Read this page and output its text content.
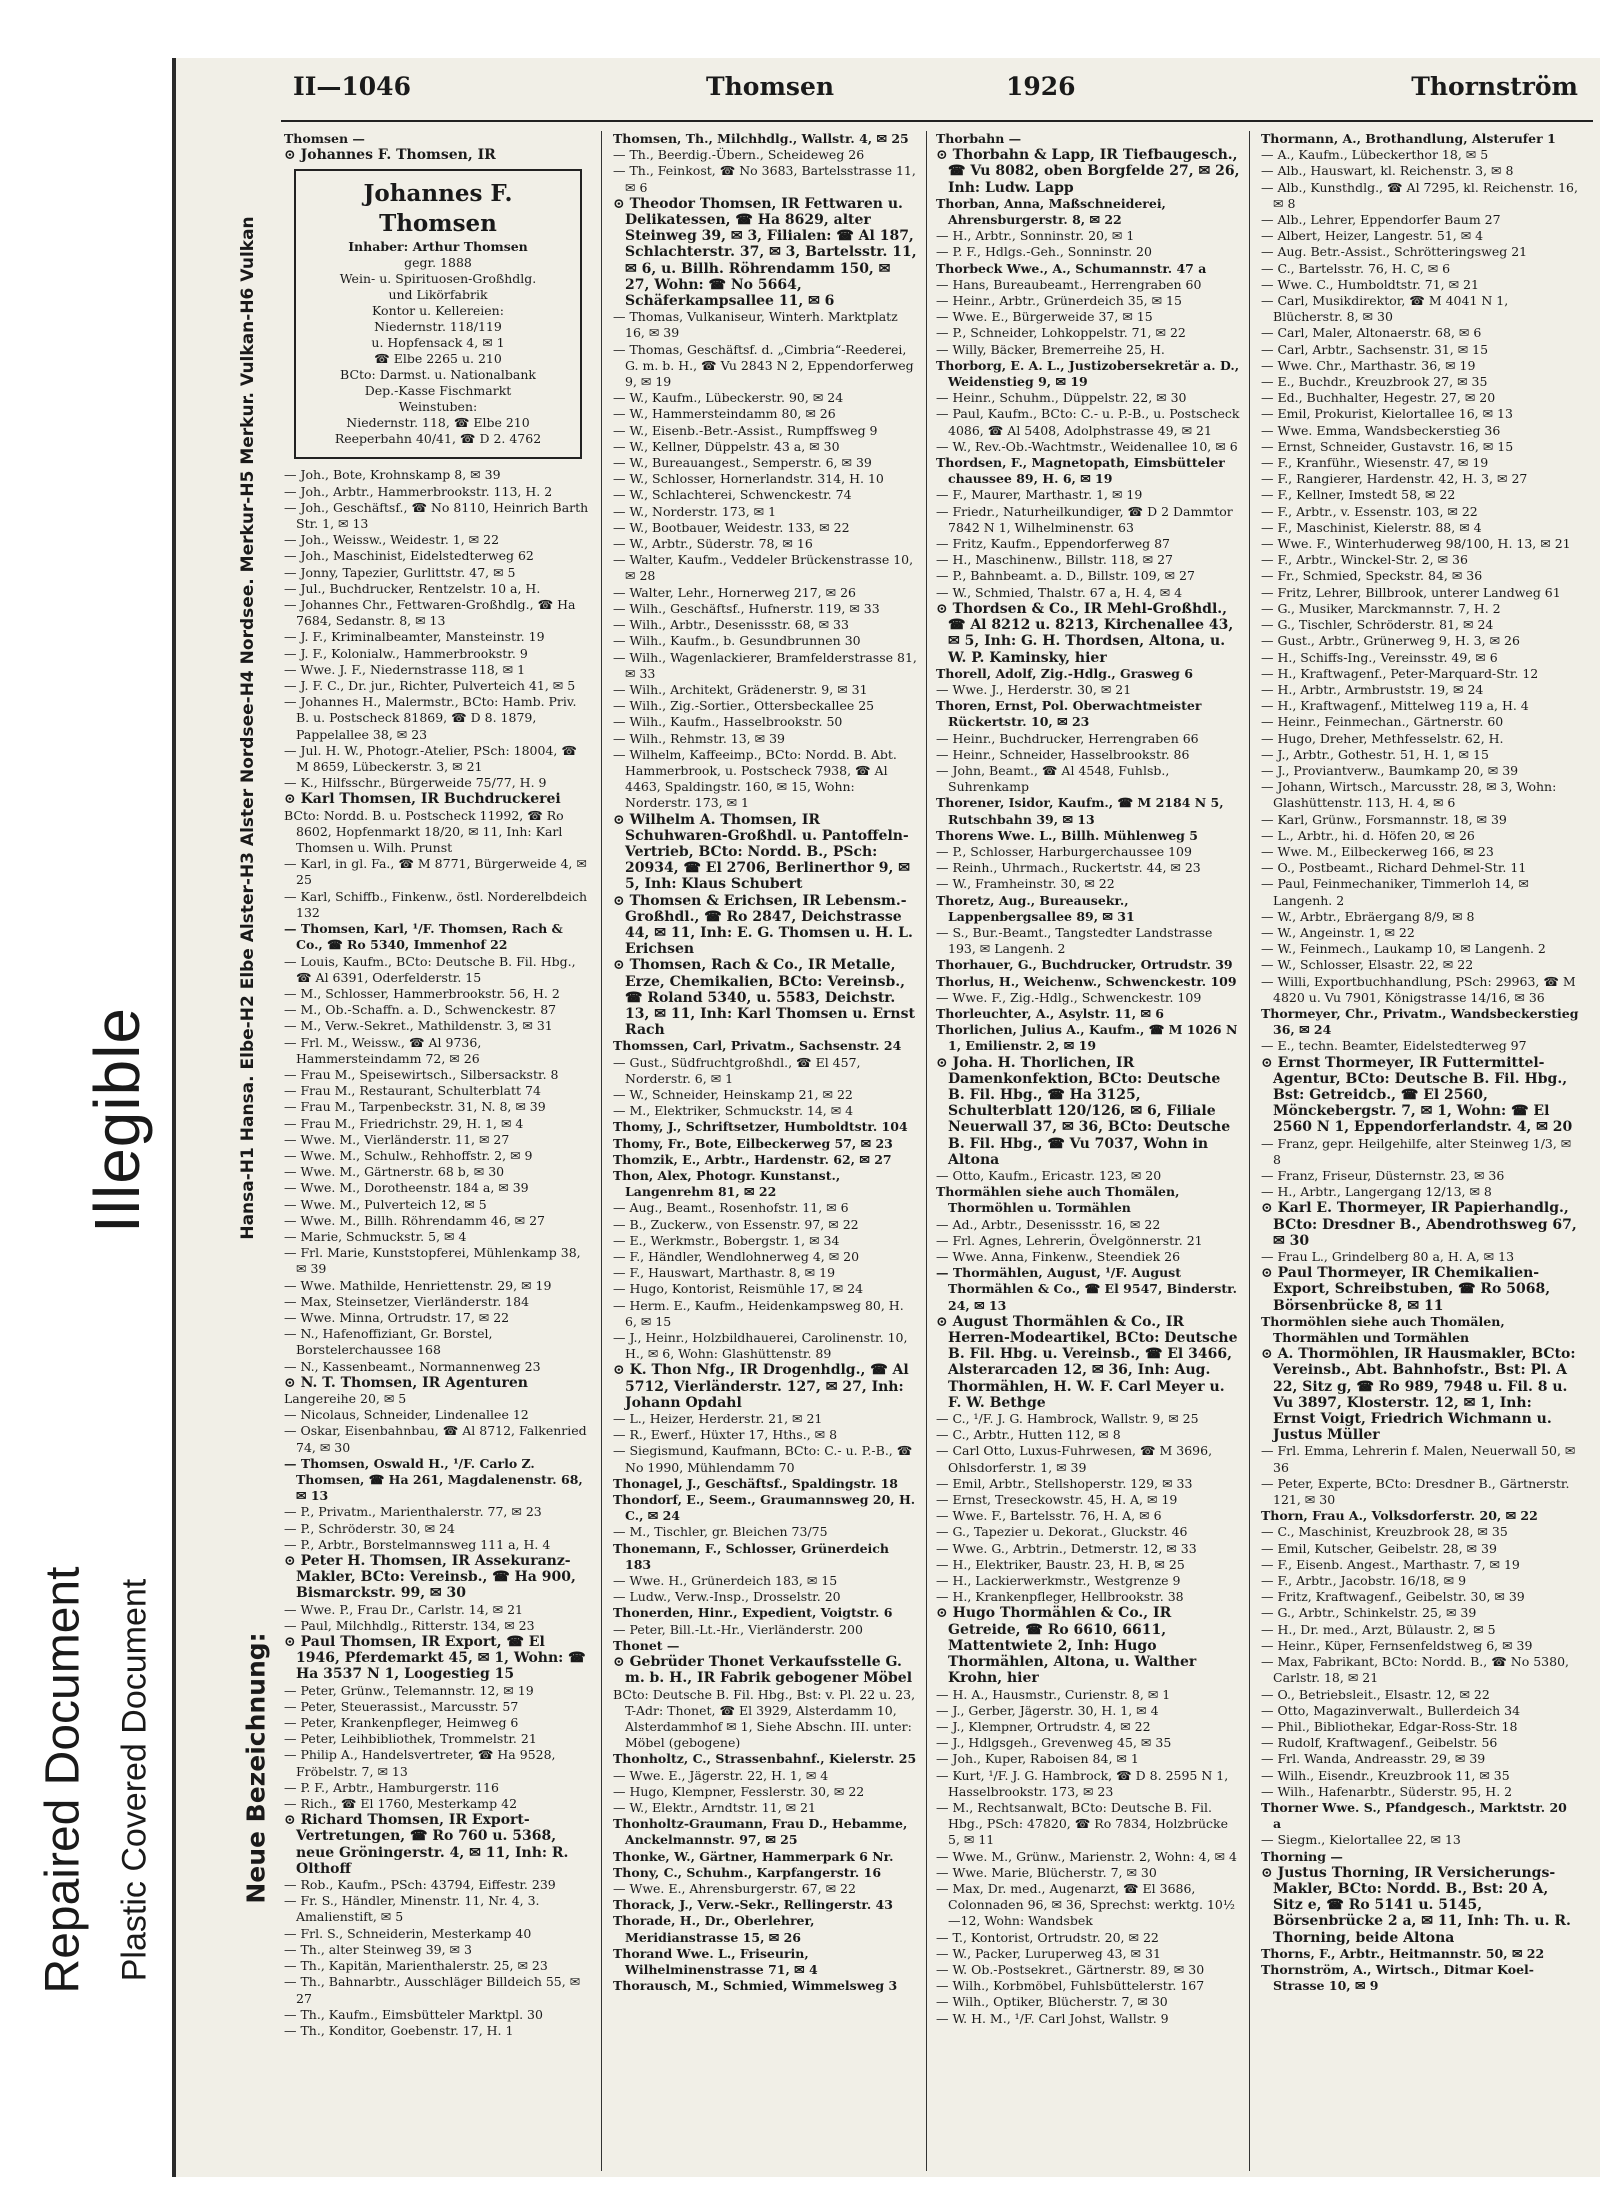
Illegible
Repaired Document Plastic Covered Document
Hansa-H1 Hansa. Elbe-H2 Elbe Alster-H3 Alster Nordsee-H4 Nordsee. Merkur-H5 Merkur. Vulkan-H6 Vulkan
Neue Bezeichnung:
II—1046	Thomsen	1926	Thornström

Thomsen —

⊙ Johannes F. Thomsen, IR

Johannes F. Thomsen
Inhaber: Arthur Thomsen
gegr. 1888
Wein- u. Spirituosen-Großhdlg.
und Likörfabrik
Kontor u. Kellereien:
Niedernstr. 118/119
u. Hopfensack 4, ✉ 1
☎ Elbe 2265 u. 210
BCto: Darmst. u. Nationalbank
Dep.-Kasse Fischmarkt
Weinstuben:
Niedernstr. 118, ☎ Elbe 210
Reeperbahn 40/41, ☎ D 2. 4762

— Joh., Bote, Krohnskamp 8, ✉ 39

— Joh., Arbtr., Hammerbrookstr. 113, H. 2

— Joh., Geschäftsf., ☎ No 8110, Heinrich Barth Str. 1, ✉ 13

— Joh., Weissw., Weidestr. 1, ✉ 22

— Joh., Maschinist, Eidelstedterweg 62

— Jonny, Tapezier, Gurlittstr. 47, ✉ 5

— Jul., Buchdrucker, Rentzelstr. 10 a, H.

— Johannes Chr., Fettwaren-Großhdlg., ☎ Ha 7684, Sedanstr. 8, ✉ 13

— J. F., Kriminalbeamter, Mansteinstr. 19

— J. F., Kolonialw., Hammerbrookstr. 9

— Wwe. J. F., Niedernstrasse 118, ✉ 1

— J. F. C., Dr. jur., Richter, Pulverteich 41, ✉ 5

— Johannes H., Malermstr., BCto: Hamb. Priv. B. u. Postscheck 81869, ☎ D 8. 1879, Pappelallee 38, ✉ 23

— Jul. H. W., Photogr.-Atelier, PSch: 18004, ☎ M 8659, Lübeckerstr. 3, ✉ 21

— K., Hilfsschr., Bürgerweide 75/77, H. 9

⊙ Karl Thomsen, IR Buchdruckerei

BCto: Nordd. B. u. Postscheck 11992, ☎ Ro 8602, Hopfenmarkt 18/20, ✉ 11, Inh: Karl Thomsen u. Wilh. Prunst

— Karl, in gl. Fa., ☎ M 8771, Bürgerweide 4, ✉ 25

— Karl, Schiffb., Finkenw., östl. Norderelbdeich 132

— Thomsen, Karl, ¹/F. Thomsen, Rach & Co., ☎ Ro 5340, Immenhof 22

— Louis, Kaufm., BCto: Deutsche B. Fil. Hbg., ☎ Al 6391, Oderfelderstr. 15

— M., Schlosser, Hammerbrookstr. 56, H. 2

— M., Ob.-Schaffn. a. D., Schwenckestr. 87

— M., Verw.-Sekret., Mathildenstr. 3, ✉ 31

— Frl. M., Weissw., ☎ Al 9736, Hammersteindamm 72, ✉ 26

— Frau M., Speisewirtsch., Silbersackstr. 8

— Frau M., Restaurant, Schulterblatt 74

— Frau M., Tarpenbeckstr. 31, N. 8, ✉ 39

— Frau M., Friedrichstr. 29, H. 1, ✉ 4

— Wwe. M., Vierländerstr. 11, ✉ 27

— Wwe. M., Schulw., Rehhoffstr. 2, ✉ 9

— Wwe. M., Gärtnerstr. 68 b, ✉ 30

— Wwe. M., Dorotheenstr. 184 a, ✉ 39

— Wwe. M., Pulverteich 12, ✉ 5

— Wwe. M., Billh. Röhrendamm 46, ✉ 27

— Marie, Schmuckstr. 5, ✉ 4

— Frl. Marie, Kunststopferei, Mühlenkamp 38, ✉ 39

— Wwe. Mathilde, Henriettenstr. 29, ✉ 19

— Max, Steinsetzer, Vierländerstr. 184

— Wwe. Minna, Ortrudstr. 17, ✉ 22

— N., Hafenoffiziant, Gr. Borstel, Borstelerchaussee 168

— N., Kassenbeamt., Normannenweg 23

⊙ N. T. Thomsen, IR Agenturen

Langereihe 20, ✉ 5

— Nicolaus, Schneider, Lindenallee 12

— Oskar, Eisenbahnbau, ☎ Al 8712, Falkenried 74, ✉ 30

— Thomsen, Oswald H., ¹/F. Carlo Z. Thomsen, ☎ Ha 261, Magdalenenstr. 68, ✉ 13

— P., Privatm., Marienthalerstr. 77, ✉ 23

— P., Schröderstr. 30, ✉ 24

— P., Arbtr., Borstelmannsweg 111 a, H. 4

⊙ Peter H. Thomsen, IR Assekuranz-Makler, BCto: Vereinsb., ☎ Ha 900, Bismarckstr. 99, ✉ 30

— Wwe. P., Frau Dr., Carlstr. 14, ✉ 21

— Paul, Milchhdlg., Ritterstr. 134, ✉ 23

⊙ Paul Thomsen, IR Export, ☎ El 1946, Pferdemarkt 45, ✉ 1, Wohn: ☎ Ha 3537 N 1, Loogestieg 15

— Peter, Grünw., Telemannstr. 12, ✉ 19

— Peter, Steuerassist., Marcusstr. 57

— Peter, Krankenpfleger, Heimweg 6

— Peter, Leihbibliothek, Trommelstr. 21

— Philip A., Handelsvertreter, ☎ Ha 9528, Fröbelstr. 7, ✉ 13

— P. F., Arbtr., Hamburgerstr. 116

— Rich., ☎ El 1760, Mesterkamp 42

⊙ Richard Thomsen, IR Export-Vertretungen, ☎ Ro 760 u. 5368, neue Gröningerstr. 4, ✉ 11, Inh: R. Olthoff

— Rob., Kaufm., PSch: 43794, Eiffestr. 239

— Fr. S., Händler, Minenstr. 11, Nr. 4, 3. Amalienstift, ✉ 5

— Frl. S., Schneiderin, Mesterkamp 40

— Th., alter Steinweg 39, ✉ 3

— Th., Kapitän, Marienthalerstr. 25, ✉ 23

— Th., Bahnarbtr., Ausschläger Billdeich 55, ✉ 27

— Th., Kaufm., Eimsbütteler Marktpl. 30

— Th., Konditor, Goebenstr. 17, H. 1

Thomsen, Th., Milchhdlg., Wallstr. 4, ✉ 25

— Th., Beerdig.-Übern., Scheideweg 26

— Th., Feinkost, ☎ No 3683, Bartelsstrasse 11, ✉ 6

⊙ Theodor Thomsen, IR Fettwaren u. Delikatessen, ☎ Ha 8629, alter Steinweg 39, ✉ 3, Filialen: ☎ Al 187, Schlachterstr. 37, ✉ 3, Bartelsstr. 11, ✉ 6, u. Billh. Röhrendamm 150, ✉ 27, Wohn: ☎ No 5664, Schäferkampsallee 11, ✉ 6

— Thomas, Vulkaniseur, Winterh. Marktplatz 16, ✉ 39

— Thomas, Geschäftsf. d. „Cimbria“-Reederei, G. m. b. H., ☎ Vu 2843 N 2, Eppendorferweg 9, ✉ 19

— W., Kaufm., Lübeckerstr. 90, ✉ 24

— W., Hammersteindamm 80, ✉ 26

— W., Eisenb.-Betr.-Assist., Rumpffsweg 9

— W., Kellner, Düppelstr. 43 a, ✉ 30

— W., Bureauangest., Semperstr. 6, ✉ 39

— W., Schlosser, Hornerlandstr. 314, H. 10

— W., Schlachterei, Schwenckestr. 74

— W., Norderstr. 173, ✉ 1

— W., Bootbauer, Weidestr. 133, ✉ 22

— W., Arbtr., Süderstr. 78, ✉ 16

— Walter, Kaufm., Veddeler Brückenstrasse 10, ✉ 28

— Walter, Lehr., Hornerweg 217, ✉ 26

— Wilh., Geschäftsf., Hufnerstr. 119, ✉ 33

— Wilh., Arbtr., Desenissstr. 68, ✉ 33

— Wilh., Kaufm., b. Gesundbrunnen 30

— Wilh., Wagenlackierer, Bramfelderstrasse 81, ✉ 33

— Wilh., Architekt, Grädenerstr. 9, ✉ 31

— Wilh., Zig.-Sortier., Ottersbeckallee 25

— Wilh., Kaufm., Hasselbrookstr. 50

— Wilh., Rehmstr. 13, ✉ 39

— Wilhelm, Kaffeeimp., BCto: Nordd. B. Abt. Hammerbrook, u. Postscheck 7938, ☎ Al 4463, Spaldingstr. 160, ✉ 15, Wohn: Norderstr. 173, ✉ 1

⊙ Wilhelm A. Thomsen, IR Schuhwaren-Großhdl. u. Pantoffeln-Vertrieb, BCto: Nordd. B., PSch: 20934, ☎ El 2706, Berlinerthor 9, ✉ 5, Inh: Klaus Schubert

⊙ Thomsen & Erichsen, IR Lebensm.-Großhdl., ☎ Ro 2847, Deichstrasse 44, ✉ 11, Inh: E. G. Thomsen u. H. L. Erichsen

⊙ Thomsen, Rach & Co., IR Metalle, Erze, Chemikalien, BCto: Vereinsb., ☎ Roland 5340, u. 5583, Deichstr. 13, ✉ 11, Inh: Karl Thomsen u. Ernst Rach

Thomssen, Carl, Privatm., Sachsenstr. 24

— Gust., Südfruchtgroßhdl., ☎ El 457, Norderstr. 6, ✉ 1

— W., Schneider, Heinskamp 21, ✉ 22

— M., Elektriker, Schmuckstr. 14, ✉ 4

Thomy, J., Schriftsetzer, Humboldtstr. 104

Thomy, Fr., Bote, Eilbeckerweg 57, ✉ 23

Thomzik, E., Arbtr., Hardenstr. 62, ✉ 27

Thon, Alex, Photogr. Kunstanst., Langenrehm 81, ✉ 22

— Aug., Beamt., Rosenhofstr. 11, ✉ 6

— B., Zuckerw., von Essenstr. 97, ✉ 22

— E., Werkmstr., Bobergstr. 1, ✉ 34

— F., Händler, Wendlohnerweg 4, ✉ 20

— F., Hauswart, Marthastr. 8, ✉ 19

— Hugo, Kontorist, Reismühle 17, ✉ 24

— Herm. E., Kaufm., Heidenkampsweg 80, H. 6, ✉ 15

— J., Heinr., Holzbildhauerei, Carolinenstr. 10, H., ✉ 6, Wohn: Glashüttenstr. 89

⊙ K. Thon Nfg., IR Drogenhdlg., ☎ Al 5712, Vierländerstr. 127, ✉ 27, Inh: Johann Opdahl

— L., Heizer, Herderstr. 21, ✉ 21

— R., Ewerf., Hüxter 17, Hths., ✉ 8

— Siegismund, Kaufmann, BCto: C.- u. P.-B., ☎ No 1990, Mühlendamm 70

Thonagel, J., Geschäftsf., Spaldingstr. 18

Thondorf, E., Seem., Graumannsweg 20, H. C., ✉ 24

— M., Tischler, gr. Bleichen 73/75

Thonemann, F., Schlosser, Grünerdeich 183

— Wwe. H., Grünerdeich 183, ✉ 15

— Ludw., Verw.-Insp., Drosselstr. 20

Thonerden, Hinr., Expedient, Voigtstr. 6

— Peter, Bill.-Lt.-Hr., Vierländerstr. 200

Thonet —

⊙ Gebrüder Thonet Verkaufsstelle G. m. b. H., IR Fabrik gebogener Möbel

BCto: Deutsche B. Fil. Hbg., Bst: v. Pl. 22 u. 23, T-Adr: Thonet, ☎ El 3929, Alsterdamm 10, Alsterdammhof ✉ 1, Siehe Abschn. III. unter: Möbel (gebogene)

Thonholtz, C., Strassenbahnf., Kielerstr. 25

— Wwe. E., Jägerstr. 22, H. 1, ✉ 4

— Hugo, Klempner, Fesslerstr. 30, ✉ 22

— W., Elektr., Arndtstr. 11, ✉ 21

Thonholtz-Graumann, Frau D., Hebamme, Anckelmannstr. 97, ✉ 25

Thonke, W., Gärtner, Hammerpark 6 Nr.

Thony, C., Schuhm., Karpfangerstr. 16

— Wwe. E., Ahrensburgerstr. 67, ✉ 22

Thorack, J., Verw.-Sekr., Rellingerstr. 43

Thorade, H., Dr., Oberlehrer, Meridianstrasse 15, ✉ 26

Thorand Wwe. L., Friseurin, Wilhelminenstrasse 71, ✉ 4

Thorausch, M., Schmied, Wimmelsweg 3

Thorbahn —

⊙ Thorbahn & Lapp, IR Tiefbaugesch., ☎ Vu 8082, oben Borgfelde 27, ✉ 26, Inh: Ludw. Lapp

Thorban, Anna, Maßschneiderei, Ahrensburgerstr. 8, ✉ 22

— H., Arbtr., Sonninstr. 20, ✉ 1

— P. F., Hdlgs.-Geh., Sonninstr. 20

Thorbeck Wwe., A., Schumannstr. 47 a

— Hans, Bureaubeamt., Herrengraben 60

— Heinr., Arbtr., Grünerdeich 35, ✉ 15

— Wwe. E., Bürgerweide 37, ✉ 15

— P., Schneider, Lohkoppelstr. 71, ✉ 22

— Willy, Bäcker, Bremerreihe 25, H.

Thorborg, E. A. L., Justizobersekretär a. D., Weidenstieg 9, ✉ 19

— Heinr., Schuhm., Düppelstr. 22, ✉ 30

— Paul, Kaufm., BCto: C.- u. P.-B., u. Postscheck 4086, ☎ Al 5408, Adolphstrasse 49, ✉ 21

— W., Rev.-Ob.-Wachtmstr., Weidenallee 10, ✉ 6

Thordsen, F., Magnetopath, Eimsbütteler chaussee 89, H. 6, ✉ 19

— F., Maurer, Marthastr. 1, ✉ 19

— Friedr., Naturheilkundiger, ☎ D 2 Dammtor 7842 N 1, Wilhelminenstr. 63

— Fritz, Kaufm., Eppendorferweg 87

— H., Maschinenw., Billstr. 118, ✉ 27

— P., Bahnbeamt. a. D., Billstr. 109, ✉ 27

— W., Schmied, Thalstr. 67 a, H. 4, ✉ 4

⊙ Thordsen & Co., IR Mehl-Großhdl., ☎ Al 8212 u. 8213, Kirchenallee 43, ✉ 5, Inh: G. H. Thordsen, Altona, u. W. P. Kaminsky, hier

Thorell, Adolf, Zig.-Hdlg., Grasweg 6

— Wwe. J., Herderstr. 30, ✉ 21

Thoren, Ernst, Pol. Oberwachtmeister Rückertstr. 10, ✉ 23

— Heinr., Buchdrucker, Herrengraben 66

— Heinr., Schneider, Hasselbrookstr. 86

— John, Beamt., ☎ Al 4548, Fuhlsb., Suhrenkamp

Thorener, Isidor, Kaufm., ☎ M 2184 N 5, Rutschbahn 39, ✉ 13

Thorens Wwe. L., Billh. Mühlenweg 5

— P., Schlosser, Harburgerchaussee 109

— Reinh., Uhrmach., Ruckertstr. 44, ✉ 23

— W., Framheinstr. 30, ✉ 22

Thoretz, Aug., Bureausekr., Lappenbergsallee 89, ✉ 31

— S., Bur.-Beamt., Tangstedter Landstrasse 193, ✉ Langenh. 2

Thorhauer, G., Buchdrucker, Ortrudstr. 39

Thorlus, H., Weichenw., Schwenckestr. 109

— Wwe. F., Zig.-Hdlg., Schwenckestr. 109

Thorleuchter, A., Asylstr. 11, ✉ 6

Thorlichen, Julius A., Kaufm., ☎ M 1026 N 1, Emilienstr. 2, ✉ 19

⊙ Joha. H. Thorlichen, IR Damenkonfektion, BCto: Deutsche B. Fil. Hbg., ☎ Ha 3125, Schulterblatt 120/126, ✉ 6, Filiale Neuerwall 37, ✉ 36, BCto: Deutsche B. Fil. Hbg., ☎ Vu 7037, Wohn in Altona

— Otto, Kaufm., Ericastr. 123, ✉ 20

Thormählen siehe auch Thomälen, Thormöhlen u. Tormählen

— Ad., Arbtr., Desenissstr. 16, ✉ 22

— Frl. Agnes, Lehrerin, Övelgönnerstr. 21

— Wwe. Anna, Finkenw., Steendiek 26

— Thormählen, August, ¹/F. August Thormählen & Co., ☎ El 9547, Binderstr. 24, ✉ 13

⊙ August Thormählen & Co., IR Herren-Modeartikel, BCto: Deutsche B. Fil. Hbg. u. Vereinsb., ☎ El 3466, Alsterarcaden 12, ✉ 36, Inh: Aug. Thormählen, H. W. F. Carl Meyer u. F. W. Bethge

— C., ¹/F. J. G. Hambrock, Wallstr. 9, ✉ 25

— C., Arbtr., Hutten 112, ✉ 8

— Carl Otto, Luxus-Fuhrwesen, ☎ M 3696, Ohlsdorferstr. 1, ✉ 39

— Emil, Arbtr., Stellshoperstr. 129, ✉ 33

— Ernst, Treseckowstr. 45, H. A, ✉ 19

— Wwe. F., Bartelsstr. 76, H. A, ✉ 6

— G., Tapezier u. Dekorat., Gluckstr. 46

— Wwe. G., Arbtrin., Detmerstr. 12, ✉ 33

— H., Elektriker, Baustr. 23, H. B, ✉ 25

— H., Lackierwerkmstr., Westgrenze 9

— H., Krankenpfleger, Hellbrookstr. 38

⊙ Hugo Thormählen & Co., IR Getreide, ☎ Ro 6610, 6611, Mattentwiete 2, Inh: Hugo Thormählen, Altona, u. Walther Krohn, hier

— H. A., Hausmstr., Curienstr. 8, ✉ 1

— J., Gerber, Jägerstr. 30, H. 1, ✉ 4

— J., Klempner, Ortrudstr. 4, ✉ 22

— J., Hdlgsgeh., Grevenweg 45, ✉ 35

— Joh., Kuper, Raboisen 84, ✉ 1

— Kurt, ¹/F. J. G. Hambrock, ☎ D 8. 2595 N 1, Hasselbrookstr. 173, ✉ 23

— M., Rechtsanwalt, BCto: Deutsche B. Fil. Hbg., PSch: 47820, ☎ Ro 7834, Holzbrücke 5, ✉ 11

— Wwe. M., Grünw., Marienstr. 2, Wohn: 4, ✉ 4

— Wwe. Marie, Blücherstr. 7, ✉ 30

— Max, Dr. med., Augenarzt, ☎ El 3686, Colonnaden 96, ✉ 36, Sprechst: werktg. 10½—12, Wohn: Wandsbek

— T., Kontorist, Ortrudstr. 20, ✉ 22

— W., Packer, Luruperweg 43, ✉ 31

— W. Ob.-Postsekret., Gärtnerstr. 89, ✉ 30

— Wilh., Korbmöbel, Fuhlsbüttelerstr. 167

— Wilh., Optiker, Blücherstr. 7, ✉ 30

— W. H. M., ¹/F. Carl Johst, Wallstr. 9

Thormann, A., Brothandlung, Alsterufer 1

— A., Kaufm., Lübeckerthor 18, ✉ 5

— Alb., Hauswart, kl. Reichenstr. 3, ✉ 8

— Alb., Kunsthdlg., ☎ Al 7295, kl. Reichenstr. 16, ✉ 8

— Alb., Lehrer, Eppendorfer Baum 27

— Albert, Heizer, Langestr. 51, ✉ 4

— Aug. Betr.-Assist., Schrötteringsweg 21

— C., Bartelsstr. 76, H. C, ✉ 6

— Wwe. C., Humboldtstr. 71, ✉ 21

— Carl, Musikdirektor, ☎ M 4041 N 1, Blücherstr. 8, ✉ 30

— Carl, Maler, Altonaerstr. 68, ✉ 6

— Carl, Arbtr., Sachsenstr. 31, ✉ 15

— Wwe. Chr., Marthastr. 36, ✉ 19

— E., Buchdr., Kreuzbrook 27, ✉ 35

— Ed., Buchhalter, Hegestr. 27, ✉ 20

— Emil, Prokurist, Kielortallee 16, ✉ 13

— Wwe. Emma, Wandsbeckerstieg 36

— Ernst, Schneider, Gustavstr. 16, ✉ 15

— F., Kranführ., Wiesenstr. 47, ✉ 19

— F., Rangierer, Hardenstr. 42, H. 3, ✉ 27

— F., Kellner, Imstedt 58, ✉ 22

— F., Arbtr., v. Essenstr. 103, ✉ 22

— F., Maschinist, Kielerstr. 88, ✉ 4

— Wwe. F., Winterhuderweg 98/100, H. 13, ✉ 21

— F., Arbtr., Winckel-Str. 2, ✉ 36

— Fr., Schmied, Speckstr. 84, ✉ 36

— Fritz, Lehrer, Billbrook, unterer Landweg 61

— G., Musiker, Marckmannstr. 7, H. 2

— G., Tischler, Schröderstr. 81, ✉ 24

— Gust., Arbtr., Grünerweg 9, H. 3, ✉ 26

— H., Schiffs-Ing., Vereinsstr. 49, ✉ 6

— H., Kraftwagenf., Peter-Marquard-Str. 12

— H., Arbtr., Armbruststr. 19, ✉ 24

— H., Kraftwagenf., Mittelweg 119 a, H. 4

— Heinr., Feinmechan., Gärtnerstr. 60

— Hugo, Dreher, Methfesselstr. 62, H.

— J., Arbtr., Gothestr. 51, H. 1, ✉ 15

— J., Proviantverw., Baumkamp 20, ✉ 39

— Johann, Wirtsch., Marcusstr. 28, ✉ 3, Wohn: Glashüttenstr. 113, H. 4, ✉ 6

— Karl, Grünw., Forsmannstr. 18, ✉ 39

— L., Arbtr., hi. d. Höfen 20, ✉ 26

— Wwe. M., Eilbeckerweg 166, ✉ 23

— O., Postbeamt., Richard Dehmel-Str. 11

— Paul, Feinmechaniker, Timmerloh 14, ✉ Langenh. 2

— W., Arbtr., Ebräergang 8/9, ✉ 8

— W., Angeinstr. 1, ✉ 22

— W., Feinmech., Laukamp 10, ✉ Langenh. 2

— W., Schlosser, Elsastr. 22, ✉ 22

— Willi, Exportbuchhandlung, PSch: 29963, ☎ M 4820 u. Vu 7901, Königstrasse 14/16, ✉ 36

Thormeyer, Chr., Privatm., Wandsbeckerstieg 36, ✉ 24

— E., techn. Beamter, Eidelstedterweg 97

⊙ Ernst Thormeyer, IR Futtermittel-Agentur, BCto: Deutsche B. Fil. Hbg., Bst: Getreidcb., ☎ El 2560, Mönckebergstr. 7, ✉ 1, Wohn: ☎ El 2560 N 1, Eppendorferlandstr. 4, ✉ 20

— Franz, gepr. Heilgehilfe, alter Steinweg 1/3, ✉ 8

— Franz, Friseur, Düsternstr. 23, ✉ 36

— H., Arbtr., Langergang 12/13, ✉ 8

⊙ Karl E. Thormeyer, IR Papierhandlg., BCto: Dresdner B., Abendrothsweg 67, ✉ 30

— Frau L., Grindelberg 80 a, H. A, ✉ 13

⊙ Paul Thormeyer, IR Chemikalien-Export, Schreibstuben, ☎ Ro 5068, Börsenbrücke 8, ✉ 11

Thormöhlen siehe auch Thomälen, Thormählen und Tormählen

⊙ A. Thormöhlen, IR Hausmakler, BCto: Vereinsb., Abt. Bahnhofstr., Bst: Pl. A 22, Sitz g, ☎ Ro 989, 7948 u. Fil. 8 u. Vu 3897, Klosterstr. 12, ✉ 1, Inh: Ernst Voigt, Friedrich Wichmann u. Justus Müller

— Frl. Emma, Lehrerin f. Malen, Neuerwall 50, ✉ 36

— Peter, Experte, BCto: Dresdner B., Gärtnerstr. 121, ✉ 30

Thorn, Frau A., Volksdorferstr. 20, ✉ 22

— C., Maschinist, Kreuzbrook 28, ✉ 35

— Emil, Kutscher, Geibelstr. 28, ✉ 39

— F., Eisenb. Angest., Marthastr. 7, ✉ 19

— F., Arbtr., Jacobstr. 16/18, ✉ 9

— Fritz, Kraftwagenf., Geibelstr. 30, ✉ 39

— G., Arbtr., Schinkelstr. 25, ✉ 39

— H., Dr. med., Arzt, Bülaustr. 2, ✉ 5

— Heinr., Küper, Fernsenfeldstweg 6, ✉ 39

— Max, Fabrikant, BCto: Nordd. B., ☎ No 5380, Carlstr. 18, ✉ 21

— O., Betriebsleit., Elsastr. 12, ✉ 22

— Otto, Magazinverwalt., Bullerdeich 34

— Phil., Bibliothekar, Edgar-Ross-Str. 18

— Rudolf, Kraftwagenf., Geibelstr. 56

— Frl. Wanda, Andreasstr. 29, ✉ 39

— Wilh., Eisendr., Kreuzbrook 11, ✉ 35

— Wilh., Hafenarbtr., Süderstr. 95, H. 2

Thorner Wwe. S., Pfandgesch., Marktstr. 20 a

— Siegm., Kielortallee 22, ✉ 13

Thorning —

⊙ Justus Thorning, IR Versicherungs-Makler, BCto: Nordd. B., Bst: 20 A, Sitz e, ☎ Ro 5141 u. 5145, Börsenbrücke 2 a, ✉ 11, Inh: Th. u. R. Thorning, beide Altona

Thorns, F., Arbtr., Heitmannstr. 50, ✉ 22

Thornström, A., Wirtsch., Ditmar Koel-Strasse 10, ✉ 9
